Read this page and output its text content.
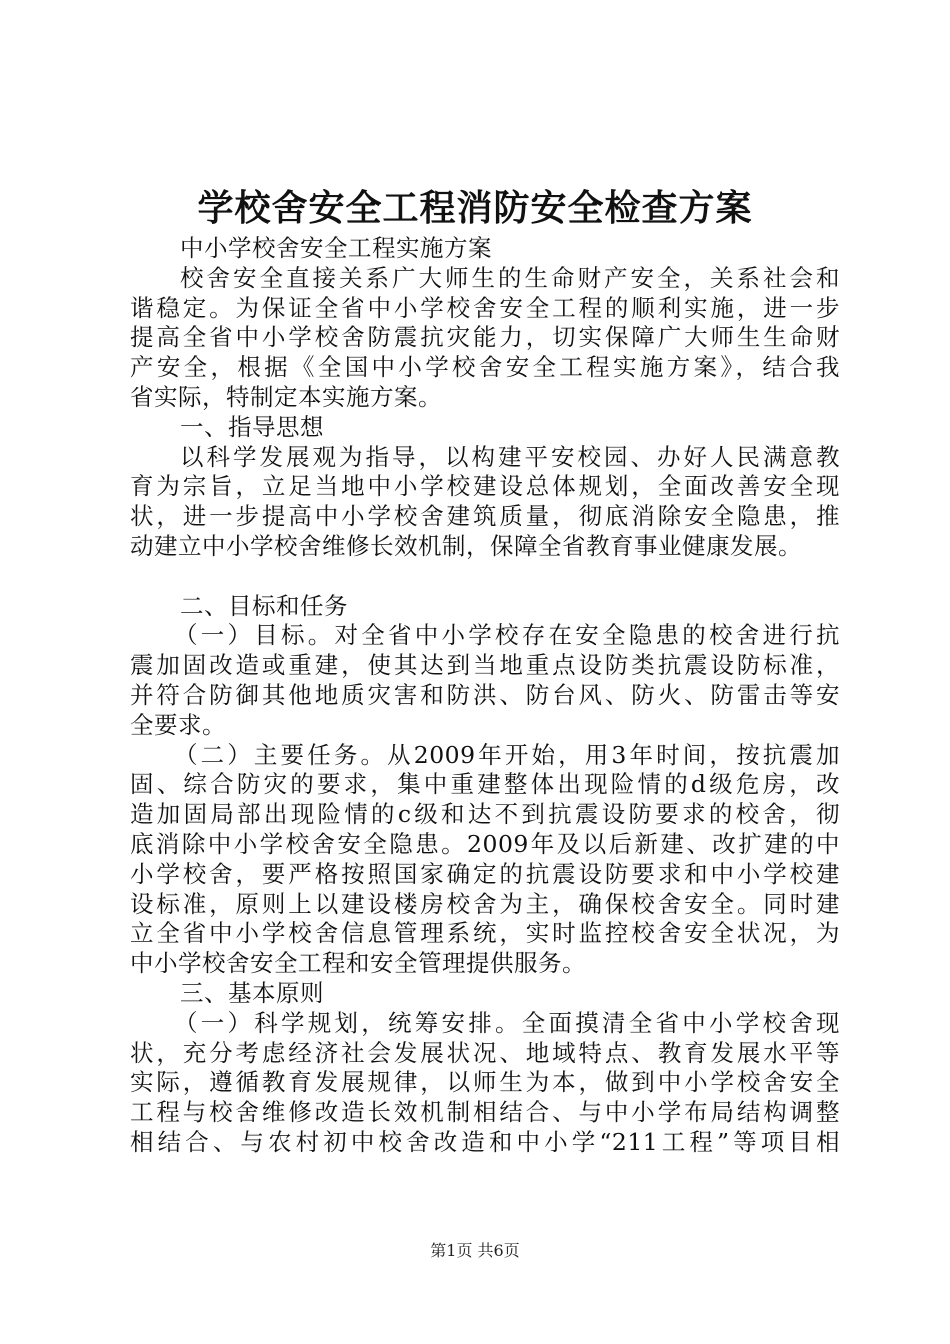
学校舍安全工程消防安全检查方案
中小学校舍安全工程实施方案
校舍安全直接关系广大师生的生命财产安全，关系社会和
谐稳定。为保证全省中小学校舍安全工程的顺利实施，进一步
提高全省中小学校舍防震抗灾能力，切实保障广大师生生命财
产安全，根据《全国中小学校舍安全工程实施方案》，结合我
省实际，特制定本实施方案。
一、指导思想
以科学发展观为指导，以构建平安校园、办好人民满意教
育为宗旨，立足当地中小学校建设总体规划，全面改善安全现
状，进一步提高中小学校舍建筑质量，彻底消除安全隐患，推
动建立中小学校舍维修长效机制，保障全省教育事业健康发展。
二、目标和任务
（一）目标。对全省中小学校存在安全隐患的校舍进行抗
震加固改造或重建，使其达到当地重点设防类抗震设防标准，
并符合防御其他地质灾害和防洪、防台风、防火、防雷击等安
全要求。
（二）主要任务。从2009年开始，用3年时间，按抗震加
固、综合防灾的要求，集中重建整体出现险情的d级危房，改
造加固局部出现险情的c级和达不到抗震设防要求的校舍，彻
底消除中小学校舍安全隐患。2009年及以后新建、改扩建的中
小学校舍，要严格按照国家确定的抗震设防要求和中小学校建
设标准，原则上以建设楼房校舍为主，确保校舍安全。同时建
立全省中小学校舍信息管理系统，实时监控校舍安全状况，为
中小学校舍安全工程和安全管理提供服务。
三、基本原则
（一）科学规划，统筹安排。全面摸清全省中小学校舍现
状，充分考虑经济社会发展状况、地域特点、教育发展水平等
实际，遵循教育发展规律，以师生为本，做到中小学校舍安全
工程与校舍维修改造长效机制相结合、与中小学布局结构调整
相结合、与农村初中校舍改造和中小学“211工程”等项目相
第1页 共6页
